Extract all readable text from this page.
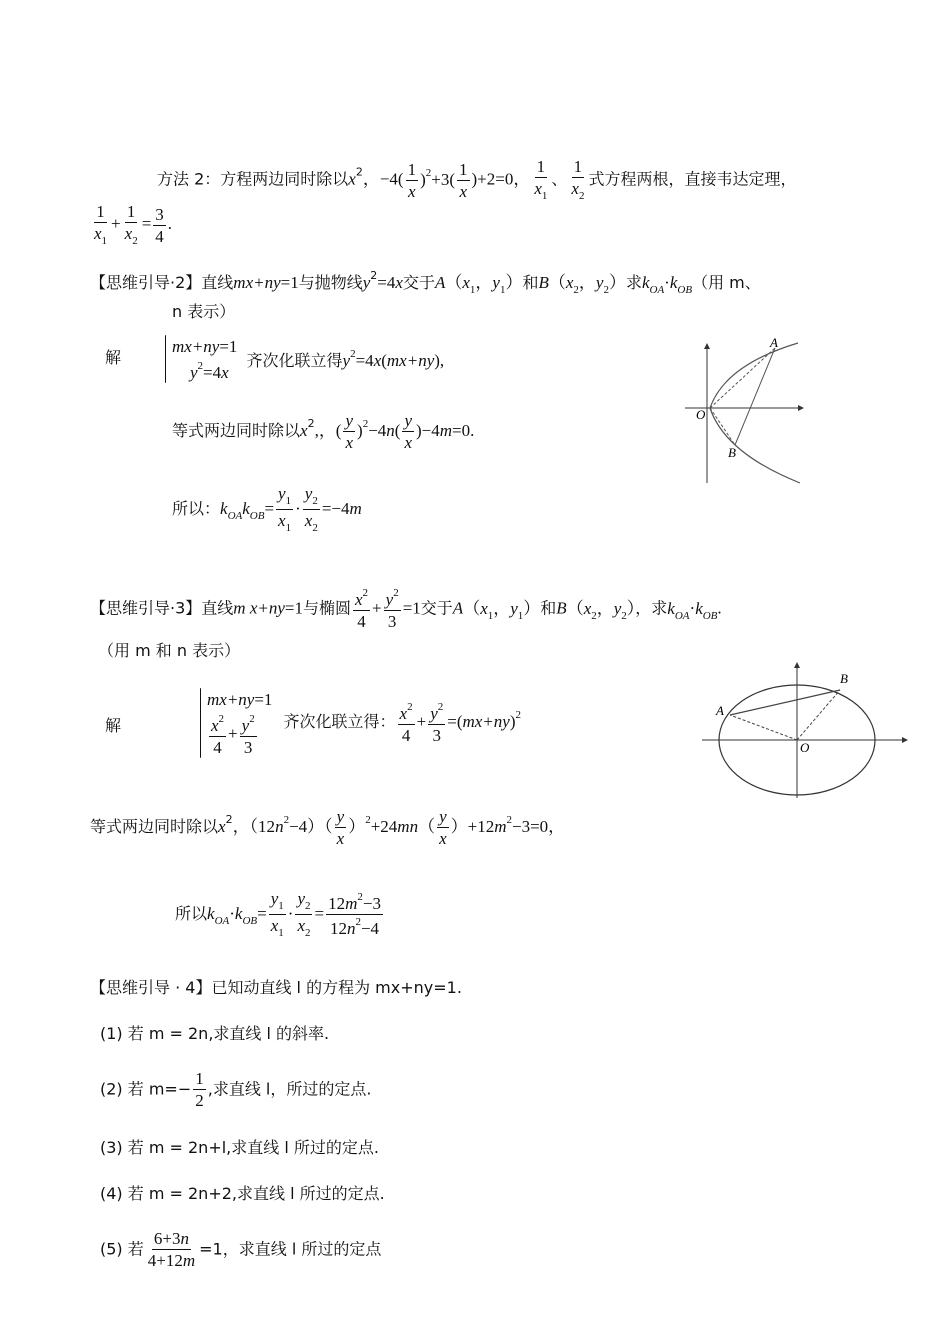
方法 2：方程两边同时除以$x^2$，$-4( \frac{1}{x} )^2+3( \frac{1}{x} )+2=0$， $\frac{1}{x_1}$ 、 $\frac{1}{x_2}$ 式方程两根，直接韦达定理，
$\frac{1}{x_1} + \frac{1}{x_2} = \frac{3}{4}$ .
【思维引导·2】直线mx+ny=1与抛物线$y^2=4x$交于$A(x_1$，$y_1$）和$B(x_2$，$y_2$）求$k_{OA}\cdot k_{OB}$（用 m、
n 表示）
解
mx+ny=1
$y^2=4x$
齐次化联立得$y^2=4x(mx+ny)$,
等式两边同时除以$x^2$,，( $\frac{y}{x} )^2-4n( \frac{y}{x} )-4m=0$.
所以：$k_{OA}k_{OB}= \frac{y_1}{x_1} \cdot \frac{y_2}{x_2} =-4m$
A
B
O
【思维引导·3】直线m x+ny=1与椭圆 $\frac{x^2}{4} + \frac{y^2}{3} =1$交于$A(x_1$，$y_1$）和$B(x_2$，$y_2$），求$k_{OA}\cdot k_{OB}$.
（用 m 和 n 表示）
解
mx+ny=1
$\frac{x^2}{4} + \frac{y^2}{3}$ 齐次化联立得： $\frac{x^2}{4} + \frac{y^2}{3} =(mx+ny)^2$	A
B
O
等式两边同时除以$x^2$，$(12n^2-4)( \frac{y}{x} )^2+24mn( \frac{y}{x} )+12m^2-3=0$，
所以$k_{OA}\cdot k_{OB}= \frac{y_1}{x_1} \cdot \frac{y_2}{x_2} = \frac{12m^2-3}{12n^2-4}$
【思维引导 · 4】已知动直线 l 的方程为 mx+ny=1.
(1) 若 m = 2n,求直线 l 的斜率.
(2) 若 $m=- \frac{1}{2}$ ,求直线 l，所过的定点.
(3) 若 m = 2n+l,求直线 l 所过的定点.
(4) 若 m = 2n+2,求直线 l 所过的定点.
(5) 若 $\frac{6+3n}{4+12m} =1$，求直线 l 所过的定点
